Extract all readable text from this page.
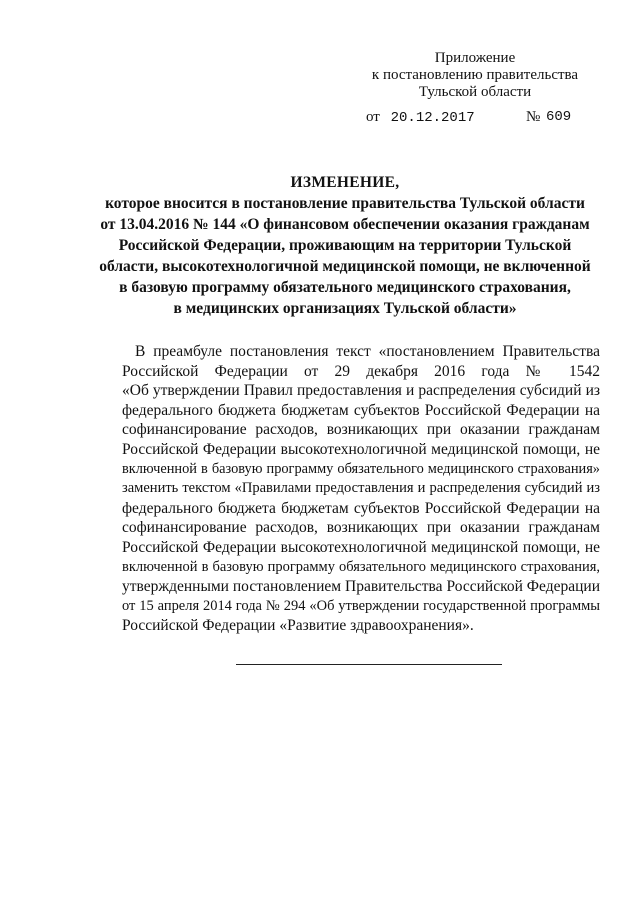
Приложение
к постановлению правительства
Тульской области
от 20.12.2017	№ 609
ИЗМЕНЕНИЕ,
которое вносится в постановление правительства Тульской области
от 13.04.2016 № 144 «О финансовом обеспечении оказания гражданам
Российской Федерации, проживающим на территории Тульской
области, высокотехнологичной медицинской помощи, не включенной
в базовую программу обязательного медицинского страхования,
в медицинских организациях Тульской области»
В преамбуле постановления текст «постановлением Правительства
Российской Федерации от 29 декабря 2016 года № 1542
«Об утверждении Правил предоставления и распределения субсидий из
федерального бюджета бюджетам субъектов Российской Федерации на
софинансирование расходов, возникающих при оказании гражданам
Российской Федерации высокотехнологичной медицинской помощи, не
включенной в базовую программу обязательного медицинского страхования»
заменить текстом «Правилами предоставления и распределения субсидий из
федерального бюджета бюджетам субъектов Российской Федерации на
софинансирование расходов, возникающих при оказании гражданам
Российской Федерации высокотехнологичной медицинской помощи, не
включенной в базовую программу обязательного медицинского страхования,
утвержденными постановлением Правительства Российской Федерации
от 15 апреля 2014 года № 294 «Об утверждении государственной программы
Российской Федерации «Развитие здравоохранения».
